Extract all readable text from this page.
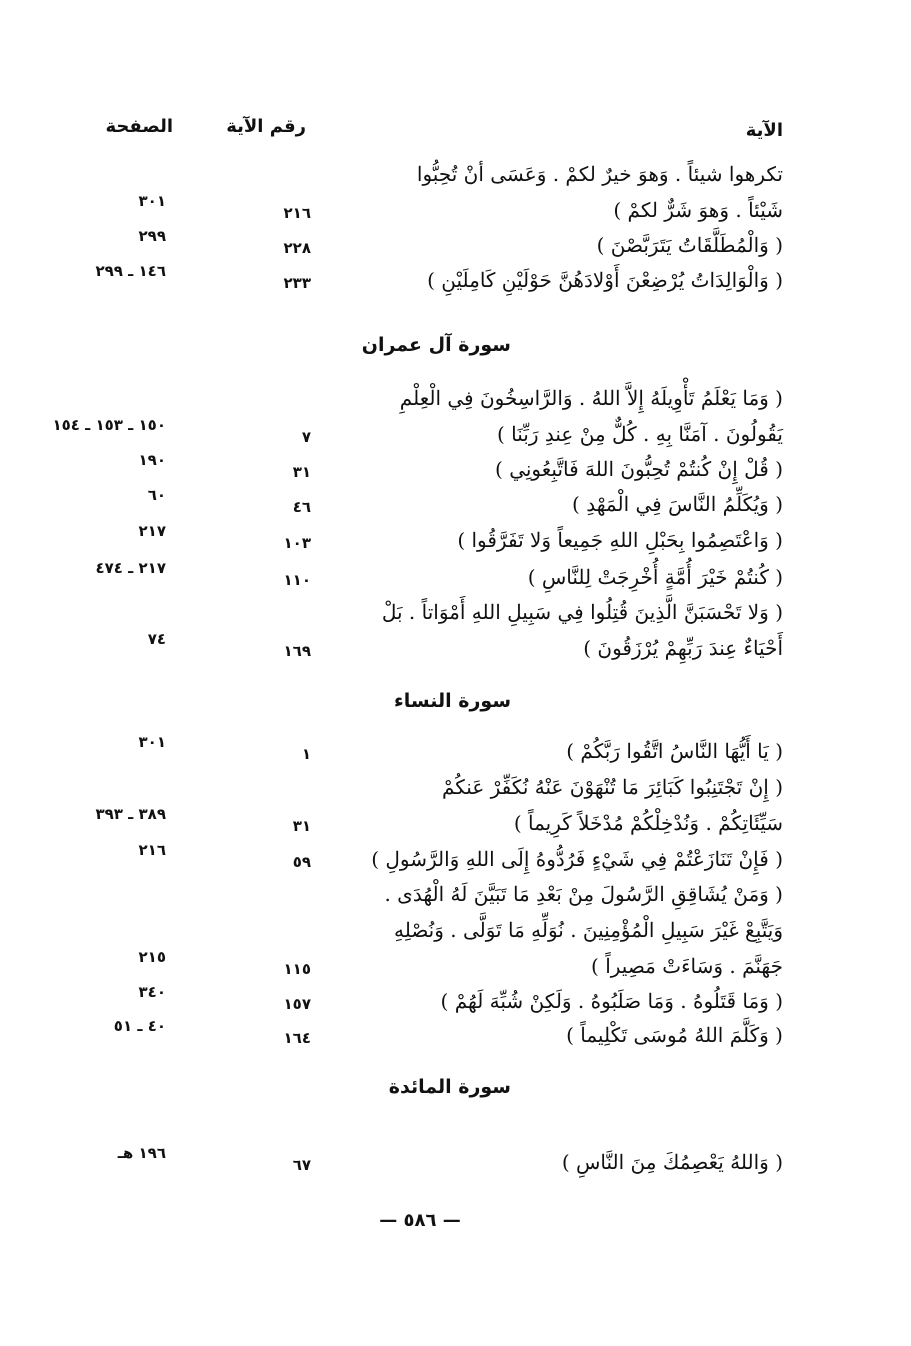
الآية
رقم الآية
الصفحة
تكرهوا شيئاً . وَهوَ خيرٌ لكمْ . وَعَسَى أنْ تُحِبُّوا
شَيْئاً . وَهوَ شَرٌّ لكمْ )
٢١٦
٣٠١
( وَالْمُطَلَّقَاتُ يَتَرَبَّصْنَ )
٢٢٨
٢٩٩
( وَالْوَالِدَاتُ يُرْضِعْنَ أَوْلادَهُنَّ حَوْلَيْنِ كَامِلَيْنِ )
٢٣٣
١٤٦ ـ ٢٩٩
سورة آل عمران
( وَمَا يَعْلَمُ تَأْوِيلَهُ إِلاَّ اللهُ . وَالرَّاسِخُونَ فِي الْعِلْمِ
يَقُولُونَ . آمَنَّا بِهِ . كُلٌّ مِنْ عِندِ رَبِّنَا )
٧
١٥٠ ـ ١٥٣ ـ ١٥٤
( قُلْ إِنْ كُنتُمْ تُحِبُّونَ اللهَ فَاتَّبِعُونِي )
٣١
١٩٠
( وَيُكَلِّمُ النَّاسَ فِي الْمَهْدِ )
٤٦
٦٠
( وَاعْتَصِمُوا بِحَبْلِ اللهِ جَمِيعاً وَلا تَفَرَّقُوا )
١٠٣
٢١٧
( كُنتُمْ خَيْرَ أُمَّةٍ أُخْرِجَتْ لِلنَّاسِ )
١١٠
٢١٧ ـ ٤٧٤
( وَلا تَحْسَبَنَّ الَّذِينَ قُتِلُوا فِي سَبِيلِ اللهِ أَمْوَاتاً . بَلْ
أَحْيَاءٌ عِندَ رَبِّهِمْ يُرْزَقُونَ )
١٦٩
٧٤
سورة النساء
( يَا أَيُّهَا النَّاسُ اتَّقُوا رَبَّكُمْ )
١
٣٠١
( إِنْ تَجْتَنِبُوا كَبَائِرَ مَا تُنْهَوْنَ عَنْهُ نُكَفِّرْ عَنكُمْ
سَيِّئَاتِكُمْ . وَنُدْخِلْكُمْ مُدْخَلاً كَرِيماً )
٣١
٣٨٩ ـ ٣٩٣
( فَإِنْ تَنَازَعْتُمْ فِي شَيْءٍ فَرُدُّوهُ إِلَى اللهِ وَالرَّسُولِ )
٥٩
٢١٦
( وَمَنْ يُشَاقِقِ الرَّسُولَ مِنْ بَعْدِ مَا تَبَيَّنَ لَهُ الْهُدَى .
وَيَتَّبِعْ غَيْرَ سَبِيلِ الْمُؤْمِنِينَ . نُوَلِّهِ مَا تَوَلَّى . وَنُصْلِهِ
جَهَنَّمَ . وَسَاءَتْ مَصِيراً )
١١٥
٢١٥
( وَمَا قَتَلُوهُ . وَمَا صَلَبُوهُ . وَلَكِنْ شُبِّهَ لَهُمْ )
١٥٧
٣٤٠
( وَكَلَّمَ اللهُ مُوسَى تَكْلِيماً )
١٦٤
٤٠ ـ ٥١
سورة المائدة
( وَاللهُ يَعْصِمُكَ مِنَ النَّاسِ )
٦٧
١٩٦ هـ
— ٥٨٦ —
